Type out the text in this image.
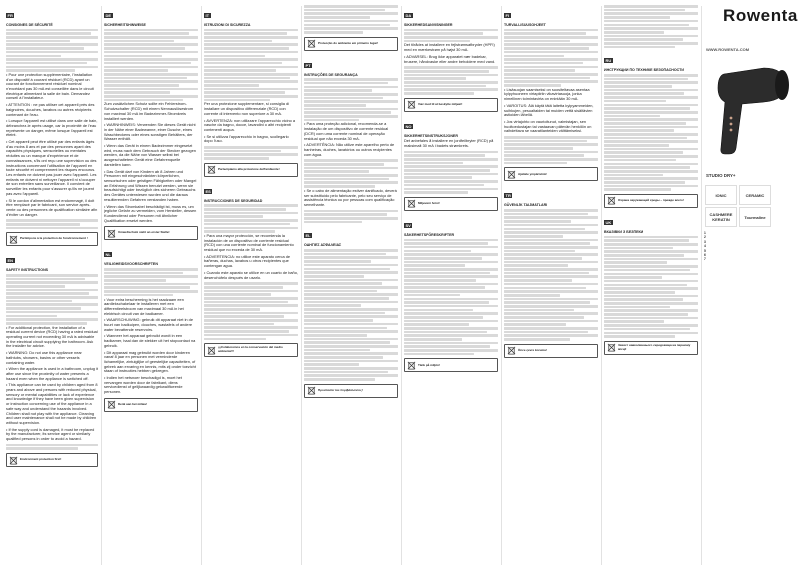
FR
CONSIGNES DE SÉCURITÉ
• Pour une protection supplémentaire, l'installation d'un dispositif à courant résiduel (RCD) ayant un courant de fonctionnement résiduel nominal n'excédant pas 30 mA est conseillée dans le circuit électrique alimentant la salle de bain. Demandez conseil à l'installateur.
• ATTENTION : ne pas utiliser cet appareil près des baignoires, douches, lavabos ou autres récipients contenant de l'eau.
• Lorsque l'appareil est utilisé dans une salle de bain, débranchez-le après usage, car la proximité de l'eau représente un danger, même lorsque l'appareil est éteint.
• Cet appareil peut être utilisé par des enfants âgés d'au moins 8 ans et par des personnes ayant des capacités physiques, sensorielles ou mentales réduites ou un manque d'expérience et de connaissances, s'ils ont reçu une supervision ou des instructions concernant l'utilisation de l'appareil en toute sécurité et comprennent les risques encourus. Les enfants ne doivent pas jouer avec l'appareil. Les enfants ne doivent ni nettoyer l'appareil ni s'occuper de son entretien sans surveillance. Il convient de surveiller les enfants pour s'assurer qu'ils ne jouent pas avec l'appareil.
• Si le cordon d'alimentation est endommagé, il doit être remplacé par le fabricant, son service après-vente ou des personnes de qualification similaire afin d'éviter un danger.
Participons à la protection de l'environnement !
EN
SAFETY INSTRUCTIONS
• For additional protection, the installation of a residual current device (RCD) having a rated residual operating current not exceeding 30 mA is advisable in the electrical circuit supplying the bathroom. Ask the installer for advice.
• WARNING: Do not use this appliance near bathtubs, showers, basins or other vessels containing water.
• When the appliance is used in a bathroom, unplug it after use since the proximity of water presents a hazard even when the appliance is switched off.
• This appliance can be used by children aged from 8 years and above and persons with reduced physical, sensory or mental capabilities or lack of experience and knowledge if they have been given supervision or instruction concerning use of the appliance in a safe way and understand the hazards involved. Children shall not play with the appliance. Cleaning and user maintenance shall not be made by children without supervision.
• If the supply cord is damaged, it must be replaced by the manufacturer, its service agent or similarly qualified persons in order to avoid a hazard.
Environment protection first!
DE
SICHERHEITSHINWEISE
Zum zusätzlichen Schutz sollte ein Fehlerstrom-Schutzschalter (RCD) mit einem Nennauslösestrom von maximal 30 mA im Badezimmer-Stromkreis installiert werden.
• WARNHINWEIS: Verwenden Sie dieses Gerät nicht in der Nähe einer Badewanne, einer Dusche, eines Waschbeckens oder eines sonstigen Behälters, der Wasser enthält.
• Wenn das Gerät in einem Badezimmer eingesetzt wird, muss nach dem Gebrauch der Stecker gezogen werden, da die Nähe von Wasser selbst bei ausgeschaltetem Gerät eine Gefahrenquelle darstellen kann.
• Das Gerät darf von Kindern ab 8 Jahren und Personen mit eingeschränkten körperlichen, sensorischen oder geistigen Fähigkeiten oder Mangel an Erfahrung und Wissen benutzt werden, wenn sie beaufsichtigt oder bezüglich des sicheren Gebrauchs des Gerätes unterwiesen wurden und die daraus resultierenden Gefahren verstanden haben.
• Wenn das Stromkabel beschädigt ist, muss es, um jegliche Gefahr zu vermeiden, vom Hersteller, dessen Kundendienst oder Personen mit ähnlicher Qualifikation ersetzt werden.
Umweltschutz steht an erster Stelle!
NL
VEILIGHEIDSVOORSCHRIFTEN
• Voor extra bescherming is het raadzaam een aardlekschakelaar te installeren met een differentieelstroom van maximaal 30 mA in het elektrisch circuit van de badkamer.
• WAARSCHUWING: gebruik dit apparaat niet in de buurt van badkuipen, douches, wastafels of andere water bevattende reservoirs.
• Wanneer het apparaat gebruikt wordt in een badkamer, haal dan de stekker uit het stopcontact na gebruik.
• Dit apparaat mag gebruikt worden door kinderen vanaf 8 jaar en personen met verminderde lichamelijke, zintuiglijke of geestelijke capaciteiten, of gebrek aan ervaring en kennis, mits zij onder toezicht staan of instructies hebben gekregen.
• Indien het netsnoer beschadigd is, moet het vervangen worden door de fabrikant, diens servicedienst of gelijkwaardig gekwalificeerde personen.
Denk aan het milieu!
IT
ISTRUZIONI DI SICUREZZA
Per una protezione supplementare, si consiglia di installare un dispositivo differenziale (RCD) con corrente di intervento non superiore a 30 mA.
• AVVERTENZA: non utilizzare l'apparecchio vicino a vasche da bagno, docce, lavandini o altri recipienti contenenti acqua.
• Se si utilizza l'apparecchio in bagno, scollegarlo dopo l'uso.
Partecipiamo alla protezione dell'ambiente!
ES
INSTRUCCIONES DE SEGURIDAD
• Para una mayor protección, se recomienda la instalación de un dispositivo de corriente residual (RCD) con una corriente nominal de funcionamiento residual que no exceda de 30 mA.
• ADVERTENCIA: no utilice este aparato cerca de bañeras, duchas, lavabos u otros recipientes que contengan agua.
• Cuando este aparato se utilice en un cuarto de baño, desenchúfelo después de usarlo.
¡¡¡Colaboremos en la conservación del medio ambiente!!!
Protecção do ambiente em primeiro lugar!
PT
INSTRUÇÕES DE SEGURANÇA
• Para uma proteção adicional, recomenda-se a instalação de um dispositivo de corrente residual (DCR) com uma corrente nominal de operação residual que não exceda 30 mA.
• ADVERTÊNCIA: Não utilize este aparelho perto de banheiras, duches, lavatórios ou outros recipientes com água.
• Se o cabo de alimentação estiver danificado, deverá ser substituído pelo fabricante, pelo seu serviço de assistência técnica ou por pessoas com qualificação semelhante.
EL
ΟΔΗΓΙΕΣ ΑΣΦΑΛΕΙΑΣ
Προστασία του περιβάλλοντος!
DA
SIKKERHEDSANVISNINGER
Det tilrådes at installere en fejlstrømsafbryder (HPFI) med en mærkestrøm på højst 30 mA.
• ADVARSEL: Brug ikke apparatet nær badekar, brusere, håndvaske eller andre beholdere med vand.
Vær med til at beskytte miljøet!
NO
SIKKERHETSINSTRUKSJONER
Det anbefales å installere en jordfeilbryter (RCD) på maksimalt 30 mA i badets strømkrets.
Miljøvern først!
SV
SÄKERHETSFÖRESKRIFTER
Tänk på miljön!
FI
TURVALLISUUSOHJEET
• Lisäsuojan saamiseksi on suositeltavaa asentaa kylpyhuoneen virtapiiriin vikavirtasuoja, jonka nimellinen toimintavirta on enintään 30 mA.
• VAROITUS: Älä käytä tätä laitetta kylpyammeiden, suihkujen, pesualtaiden tai muiden vettä sisältävien astioiden lähellä.
• Jos virtajohto on vaurioitunut, valmistajan, sen huoltoedustajan tai vastaavan pätevän henkilön on vaihdettava se vaaratilanteiden välttämiseksi.
Ajattele ympäristöä!
TR
GÜVENLİK TALİMATLARI
Önce çevre koruma!
RU
ИНСТРУКЦИИ ПО ТЕХНИКЕ БЕЗОПАСНОСТИ
Охрана окружающей среды – прежде всего!
UK
ВКАЗІВКИ З БЕЗПЕКИ
Захист навколишнього середовища на першому місці!
Rowenta
WWW.ROWENTA.COM
STUDIO DRY+
IONIC	CERAMIC
CASHMERE KERATIN	Tourmaline
1
2
3
4
5
6
7
